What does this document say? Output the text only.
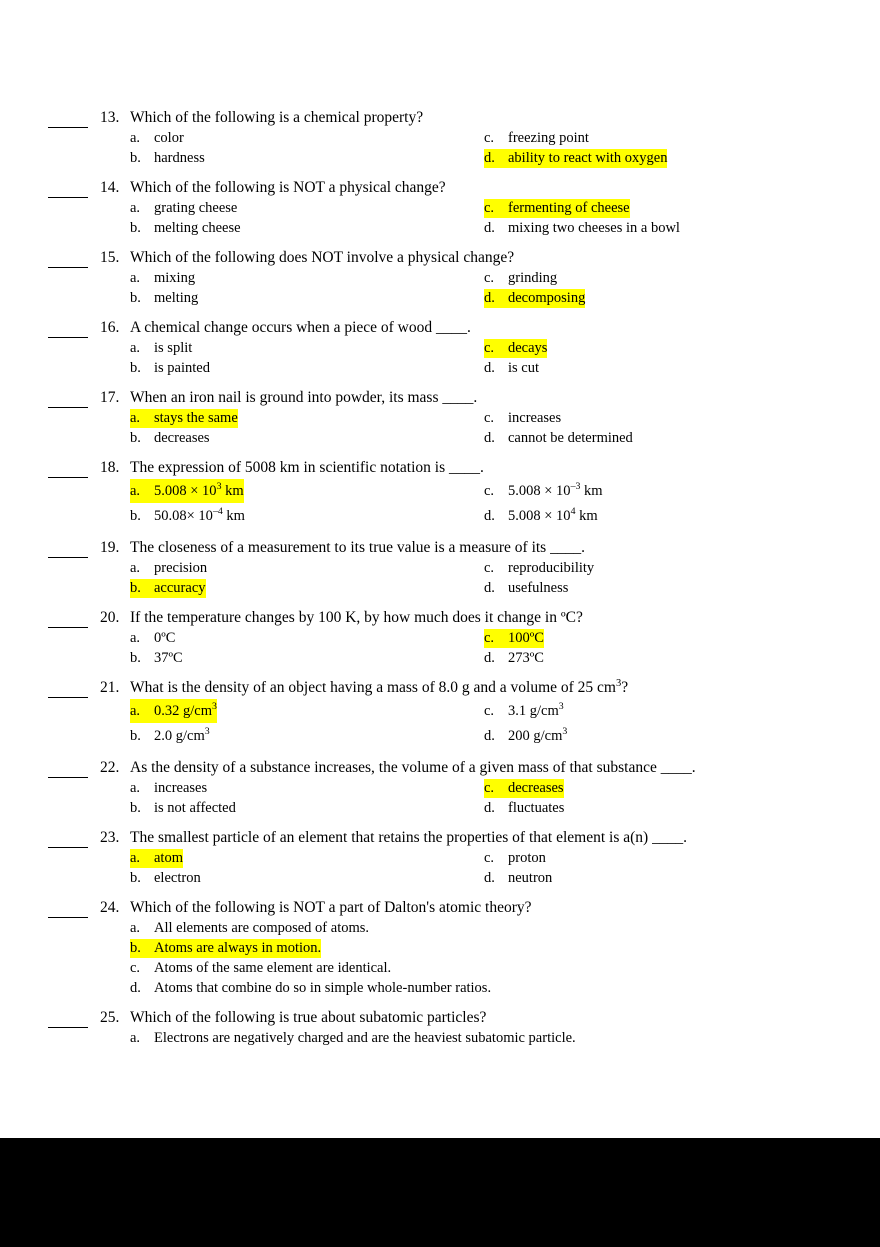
13. Which of the following is a chemical property?
a. color	c. freezing point
b. hardness	d. ability to react with oxygen
14. Which of the following is NOT a physical change?
a. grating cheese	c. fermenting of cheese
b. melting cheese	d. mixing two cheeses in a bowl
15. Which of the following does NOT involve a physical change?
a. mixing	c. grinding
b. melting	d. decomposing
16. A chemical change occurs when a piece of wood ____.
a. is split	c. decays
b. is painted	d. is cut
17. When an iron nail is ground into powder, its mass ____.
a. stays the same	c. increases
b. decreases	d. cannot be determined
18. The expression of 5008 km in scientific notation is ____.
a. $5.008 \times 10^3$ km	c. $5.008 \times 10^{-3}$ km
b. $50.08\times 10^{-4}$ km	d. $5.008 \times 10^4$ km
19. The closeness of a measurement to its true value is a measure of its ____.
a. precision	c. reproducibility
b. accuracy	d. usefulness
20. If the temperature changes by 100 K, by how much does it change in ºC?
a. 0ºC	c. 100ºC
b. 37ºC	d. 273ºC
21. What is the density of an object having a mass of 8.0 g and a volume of 25 $cm^3$?
a. 0.32 $g/cm^3$	c. 3.1 $g/cm^3$
b. 2.0 $g/cm^3$	d. 200 $g/cm^3$
22. As the density of a substance increases, the volume of a given mass of that substance ____.
a. increases	c. decreases
b. is not affected	d. fluctuates
23. The smallest particle of an element that retains the properties of that element is a(n) ____.
a. atom	c. proton
b. electron	d. neutron
24. Which of the following is NOT a part of Dalton's atomic theory?
a. All elements are composed of atoms.
b. Atoms are always in motion.
c. Atoms of the same element are identical.
d. Atoms that combine do so in simple whole-number ratios.
25. Which of the following is true about subatomic particles?
a. Electrons are negatively charged and are the heaviest subatomic particle.
